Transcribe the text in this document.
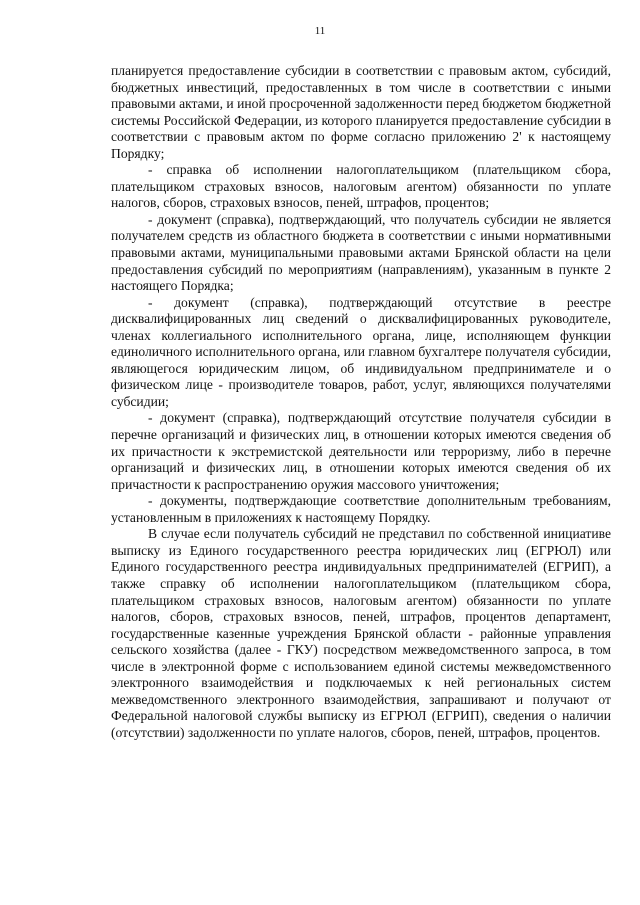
11

планируется предоставление субсидии в соответствии с правовым актом, субсидий, бюджетных инвестиций, предоставленных в том числе в соответствии с иными правовыми актами, и иной просроченной задолженности перед бюджетом бюджетной системы Российской Федерации, из которого планируется предоставление субсидии в соответствии с правовым актом по форме согласно приложению 2' к настоящему Порядку;

- справка об исполнении налогоплательщиком (плательщиком сбора, плательщиком страховых взносов, налоговым агентом) обязанности по уплате налогов, сборов, страховых взносов, пеней, штрафов, процентов;

- документ (справка), подтверждающий, что получатель субсидии не является получателем средств из областного бюджета в соответствии с иными нормативными правовыми актами, муниципальными правовыми актами Брянской области на цели предоставления субсидий по мероприятиям (направлениям), указанным в пункте 2 настоящего Порядка;

- документ (справка), подтверждающий отсутствие в реестре дисквалифицированных лиц сведений о дисквалифицированных руководителе, членах коллегиального исполнительного органа, лице, исполняющем функции единоличного исполнительного органа, или главном бухгалтере получателя субсидии, являющегося юридическим лицом, об индивидуальном предпринимателе и о физическом лице - производителе товаров, работ, услуг, являющихся получателями субсидии;

- документ (справка), подтверждающий отсутствие получателя субсидии в перечне организаций и физических лиц, в отношении которых имеются сведения об их причастности к экстремистской деятельности или терроризму, либо в перечне организаций и физических лиц, в отношении которых имеются сведения об их причастности к распространению оружия массового уничтожения;

- документы, подтверждающие соответствие дополнительным требованиям, установленным в приложениях к настоящему Порядку.

В случае если получатель субсидий не представил по собственной инициативе выписку из Единого государственного реестра юридических лиц (ЕГРЮЛ) или Единого государственного реестра индивидуальных предпринимателей (ЕГРИП), а также справку об исполнении налогоплательщиком (плательщиком сбора, плательщиком страховых взносов, налоговым агентом) обязанности по уплате налогов, сборов, страховых взносов, пеней, штрафов, процентов департамент, государственные казенные учреждения Брянской области - районные управления сельского хозяйства (далее - ГКУ) посредством межведомственного запроса, в том числе в электронной форме с использованием единой системы межведомственного электронного взаимодействия и подключаемых к ней региональных систем межведомственного электронного взаимодействия, запрашивают и получают от Федеральной налоговой службы выписку из ЕГРЮЛ (ЕГРИП), сведения о наличии (отсутствии) задолженности по уплате налогов, сборов, пеней, штрафов, процентов.
